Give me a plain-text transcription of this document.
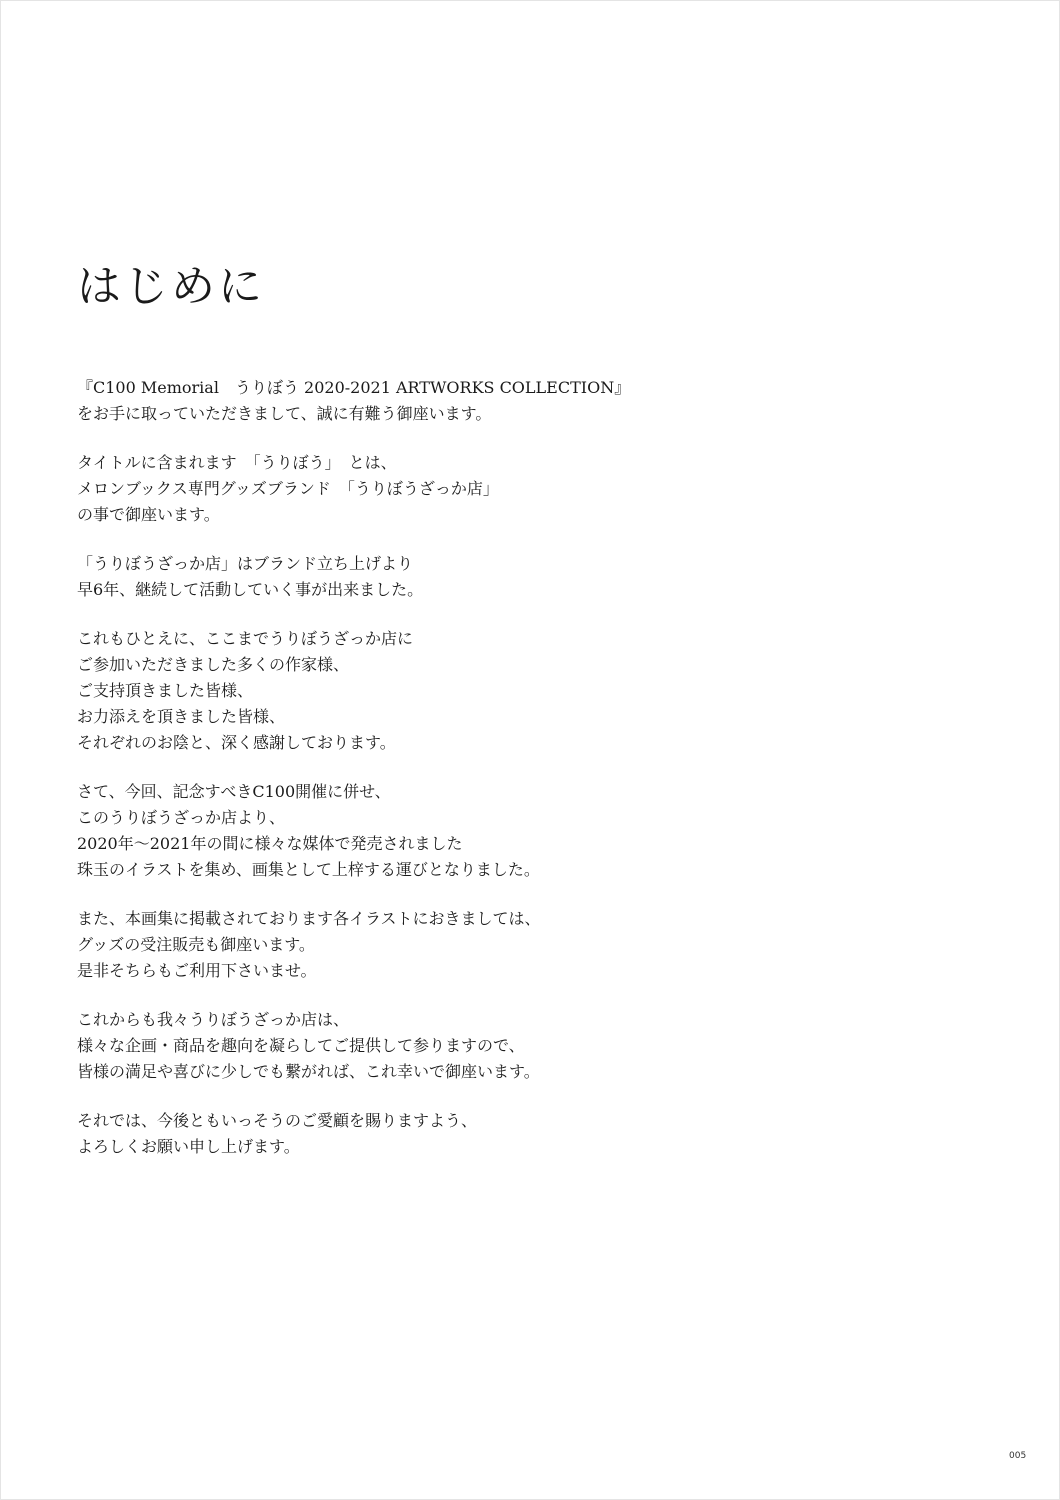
はじめに
『C100 Memorial　うりぼう 2020-2021 ARTWORKS COLLECTION』
をお手に取っていただきまして、誠に有難う御座います。
タイトルに含まれます　「うりぼう」　とは、
メロンブックス専門グッズブランド　「うりぼうざっか店」
の事で御座います。
「うりぼうざっか店」はブランド立ち上げより
早6年、継続して活動していく事が出来ました。
これもひとえに、ここまでうりぼうざっか店に
ご参加いただきました多くの作家様、
ご支持頂きました皆様、
お力添えを頂きました皆様、
それぞれのお陰と、深く感謝しております。
さて、今回、記念すべきC100開催に併せ、
このうりぼうざっか店より、
2020年～2021年の間に様々な媒体で発売されました
珠玉のイラストを集め、画集として上梓する運びとなりました。
また、本画集に掲載されております各イラストにおきましては、
グッズの受注販売も御座います。
是非そちらもご利用下さいませ。
これからも我々うりぼうざっか店は、
様々な企画・商品を趣向を凝らしてご提供して参りますので、
皆様の満足や喜びに少しでも繋がれば、これ幸いで御座います。
それでは、今後ともいっそうのご愛顧を賜りますよう、
よろしくお願い申し上げます。
005
